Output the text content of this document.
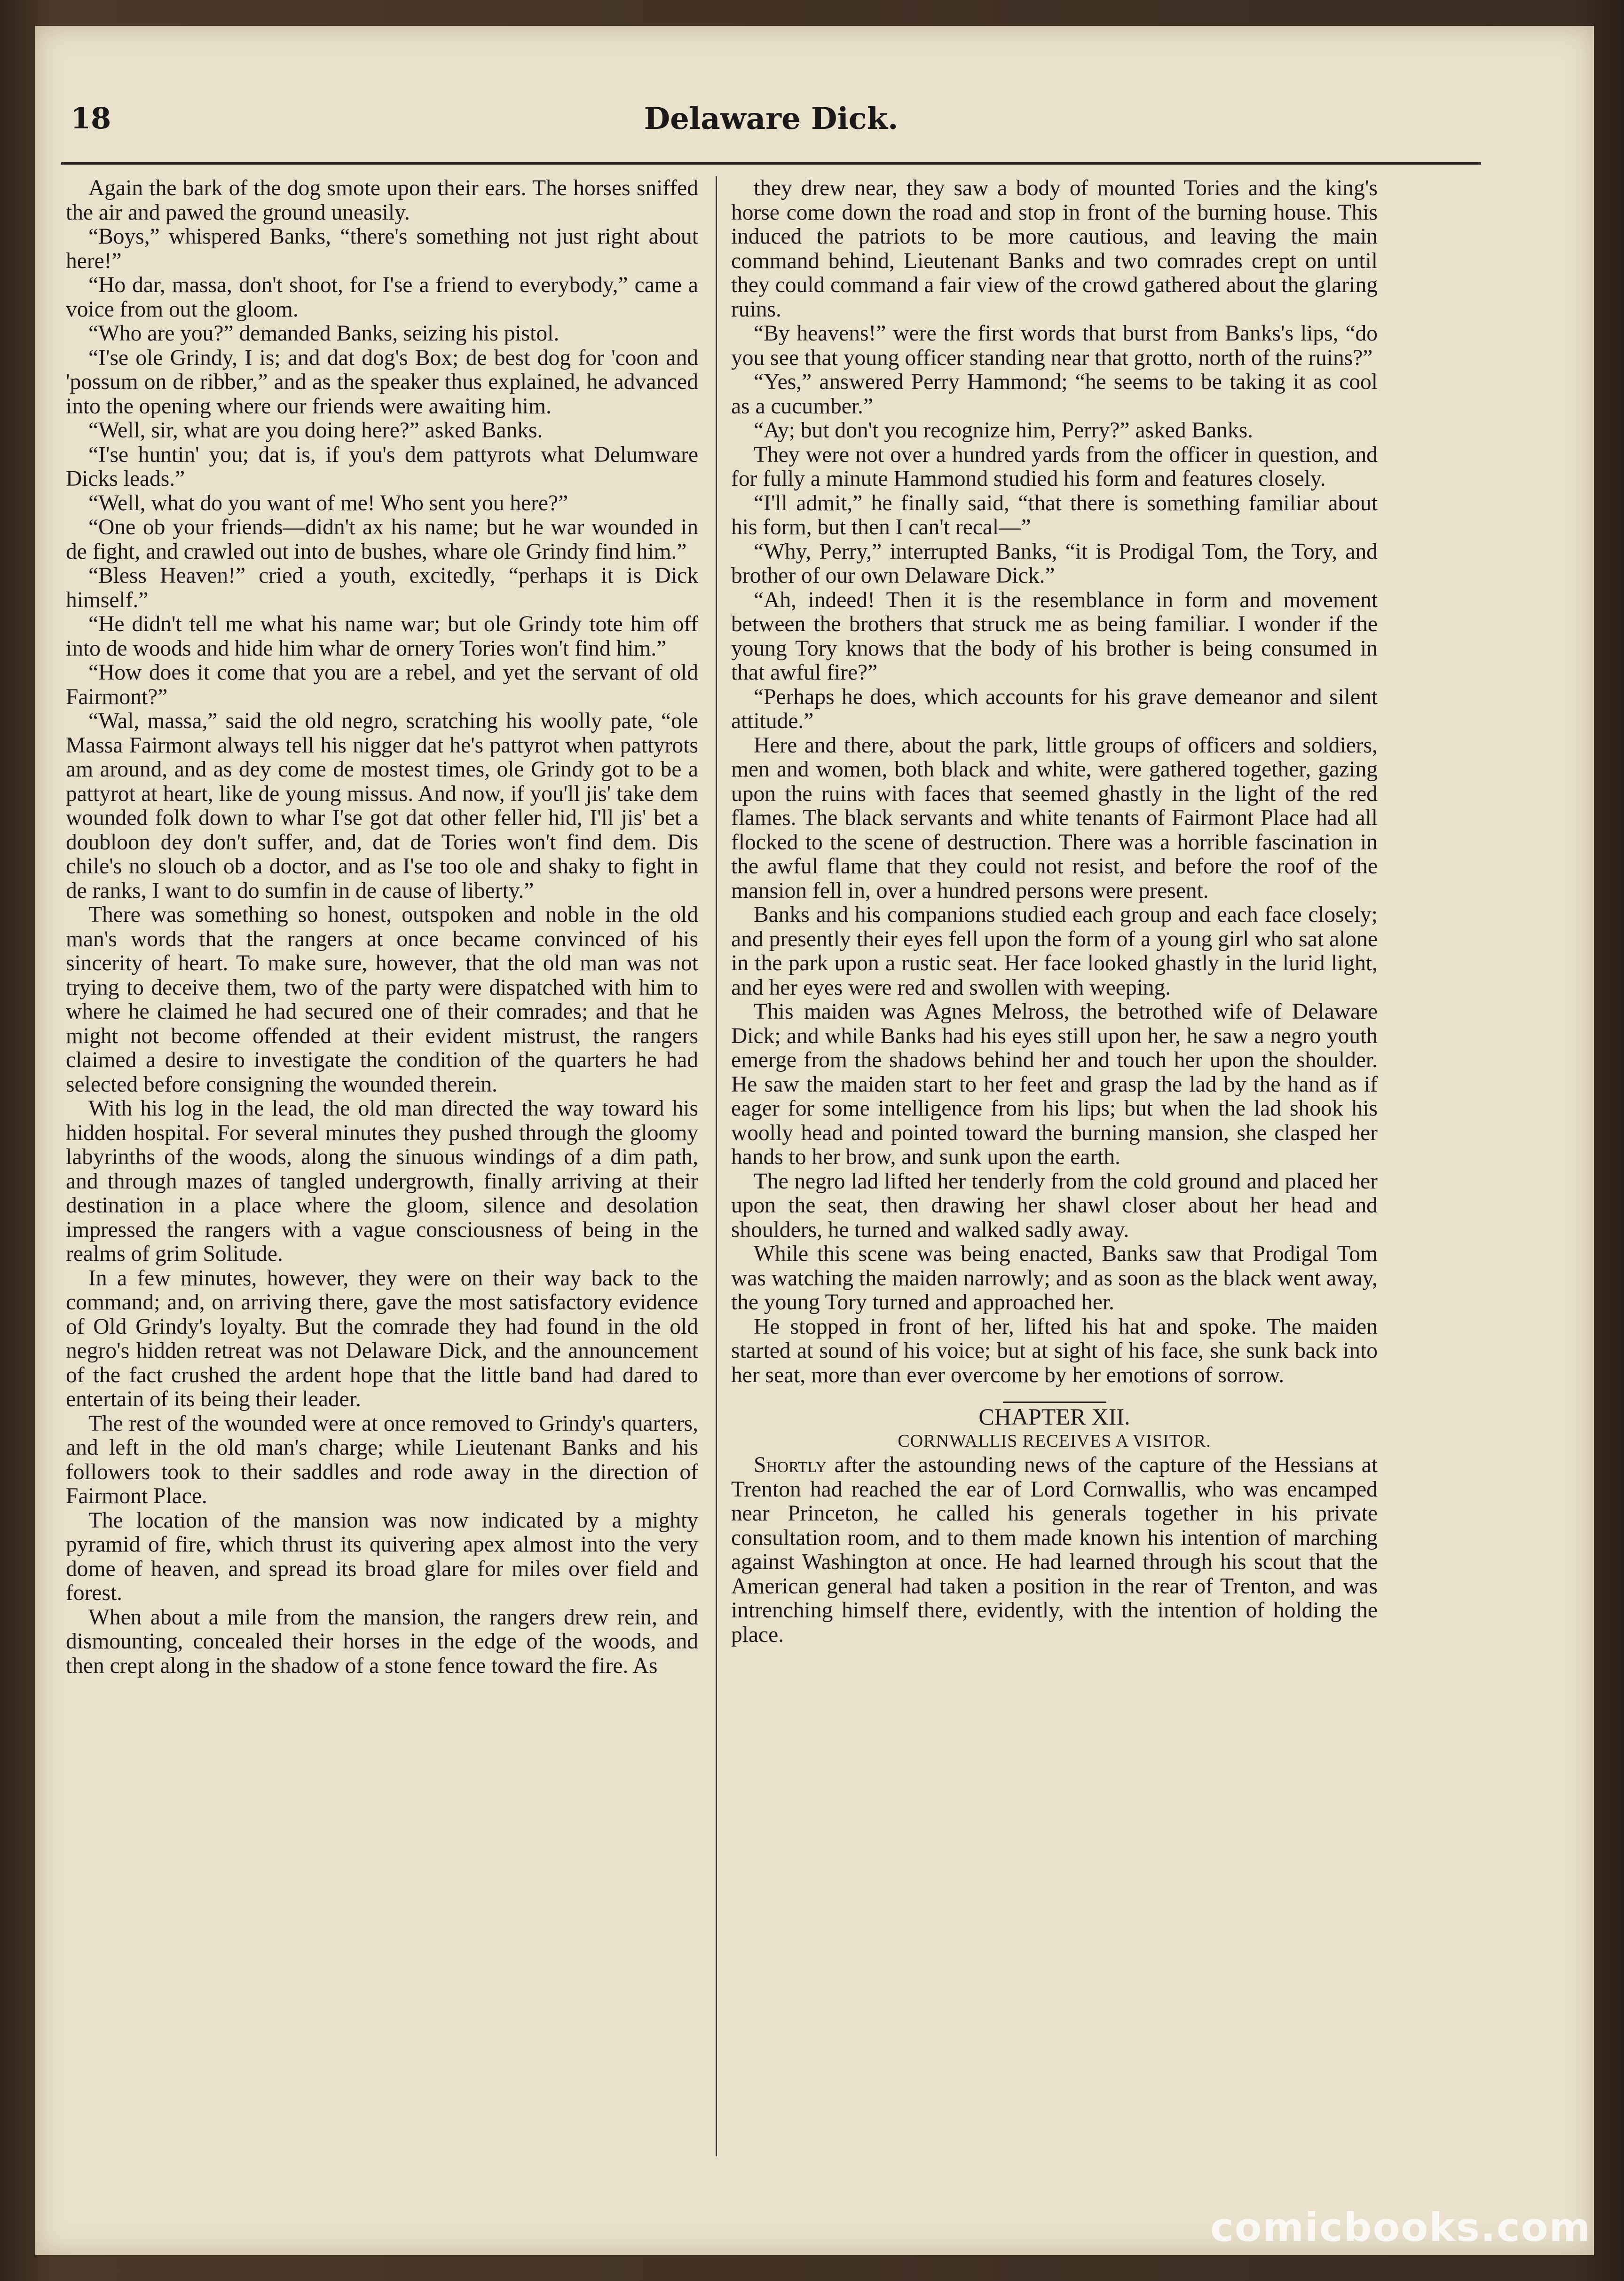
18	Delaware Dick.

Again the bark of the dog smote upon their ears. The horses sniffed the air and pawed the ground uneasily.

“Boys,” whispered Banks, “there's something not just right about here!”

“Ho dar, massa, don't shoot, for I'se a friend to everybody,” came a voice from out the gloom.

“Who are you?” demanded Banks, seizing his pistol.

“I'se ole Grindy, I is; and dat dog's Box; de best dog for 'coon and 'possum on de ribber,” and as the speaker thus explained, he advanced into the opening where our friends were awaiting him.

“Well, sir, what are you doing here?” asked Banks.

“I'se huntin' you; dat is, if you's dem pattyrots what Delumware Dicks leads.”

“Well, what do you want of me! Who sent you here?”

“One ob your friends—didn't ax his name; but he war wounded in de fight, and crawled out into de bushes, whare ole Grindy find him.”

“Bless Heaven!” cried a youth, excitedly, “perhaps it is Dick himself.”

“He didn't tell me what his name war; but ole Grindy tote him off into de woods and hide him whar de ornery Tories won't find him.”

“How does it come that you are a rebel, and yet the servant of old Fairmont?”

“Wal, massa,” said the old negro, scratching his woolly pate, “ole Massa Fairmont always tell his nigger dat he's pattyrot when pattyrots am around, and as dey come de mostest times, ole Grindy got to be a pattyrot at heart, like de young missus. And now, if you'll jis' take dem wounded folk down to whar I'se got dat other feller hid, I'll jis' bet a doubloon dey don't suffer, and, dat de Tories won't find dem. Dis chile's no slouch ob a doctor, and as I'se too ole and shaky to fight in de ranks, I want to do sumfin in de cause of liberty.”

There was something so honest, outspoken and noble in the old man's words that the rangers at once became convinced of his sincerity of heart. To make sure, however, that the old man was not trying to deceive them, two of the party were dispatched with him to where he claimed he had secured one of their comrades; and that he might not become offended at their evident mistrust, the rangers claimed a desire to investigate the condition of the quarters he had selected before consigning the wounded therein.

With his log in the lead, the old man directed the way toward his hidden hospital. For several minutes they pushed through the gloomy labyrinths of the woods, along the sinuous windings of a dim path, and through mazes of tangled undergrowth, finally arriving at their destination in a place where the gloom, silence and desolation impressed the rangers with a vague consciousness of being in the realms of grim Solitude.

In a few minutes, however, they were on their way back to the command; and, on arriving there, gave the most satisfactory evidence of Old Grindy's loyalty. But the comrade they had found in the old negro's hidden retreat was not Delaware Dick, and the announcement of the fact crushed the ardent hope that the little band had dared to entertain of its being their leader.

The rest of the wounded were at once removed to Grindy's quarters, and left in the old man's charge; while Lieutenant Banks and his followers took to their saddles and rode away in the direction of Fairmont Place.

The location of the mansion was now indicated by a mighty pyramid of fire, which thrust its quivering apex almost into the very dome of heaven, and spread its broad glare for miles over field and forest.

When about a mile from the mansion, the rangers drew rein, and dismounting, concealed their horses in the edge of the woods, and then crept along in the shadow of a stone fence toward the fire. As

they drew near, they saw a body of mounted Tories and the king's horse come down the road and stop in front of the burning house. This induced the patriots to be more cautious, and leaving the main command behind, Lieutenant Banks and two comrades crept on until they could command a fair view of the crowd gathered about the glaring ruins.

“By heavens!” were the first words that burst from Banks's lips, “do you see that young officer standing near that grotto, north of the ruins?”

“Yes,” answered Perry Hammond; “he seems to be taking it as cool as a cucumber.”

“Ay; but don't you recognize him, Perry?” asked Banks.

They were not over a hundred yards from the officer in question, and for fully a minute Hammond studied his form and features closely.

“I'll admit,” he finally said, “that there is something familiar about his form, but then I can't recal—”

“Why, Perry,” interrupted Banks, “it is Prodigal Tom, the Tory, and brother of our own Delaware Dick.”

“Ah, indeed! Then it is the resemblance in form and movement between the brothers that struck me as being familiar. I wonder if the young Tory knows that the body of his brother is being consumed in that awful fire?”

“Perhaps he does, which accounts for his grave demeanor and silent attitude.”

Here and there, about the park, little groups of officers and soldiers, men and women, both black and white, were gathered together, gazing upon the ruins with faces that seemed ghastly in the light of the red flames. The black servants and white tenants of Fairmont Place had all flocked to the scene of destruction. There was a horrible fascination in the awful flame that they could not resist, and before the roof of the mansion fell in, over a hundred persons were present.

Banks and his companions studied each group and each face closely; and presently their eyes fell upon the form of a young girl who sat alone in the park upon a rustic seat. Her face looked ghastly in the lurid light, and her eyes were red and swollen with weeping.

This maiden was Agnes Melross, the betrothed wife of Delaware Dick; and while Banks had his eyes still upon her, he saw a negro youth emerge from the shadows behind her and touch her upon the shoulder. He saw the maiden start to her feet and grasp the lad by the hand as if eager for some intelligence from his lips; but when the lad shook his woolly head and pointed toward the burning mansion, she clasped her hands to her brow, and sunk upon the earth.

The negro lad lifted her tenderly from the cold ground and placed her upon the seat, then drawing her shawl closer about her head and shoulders, he turned and walked sadly away.

While this scene was being enacted, Banks saw that Prodigal Tom was watching the maiden narrowly; and as soon as the black went away, the young Tory turned and approached her.

He stopped in front of her, lifted his hat and spoke. The maiden started at sound of his voice; but at sight of his face, she sunk back into her seat, more than ever overcome by her emotions of sorrow.

CHAPTER XII.

CORNWALLIS RECEIVES A VISITOR.

Shortly after the astounding news of the capture of the Hessians at Trenton had reached the ear of Lord Cornwallis, who was encamped near Princeton, he called his generals together in his private consultation room, and to them made known his intention of marching against Washington at once. He had learned through his scout that the American general had taken a position in the rear of Trenton, and was intrenching himself there, evidently, with the intention of holding the place.

comicbooks.com
